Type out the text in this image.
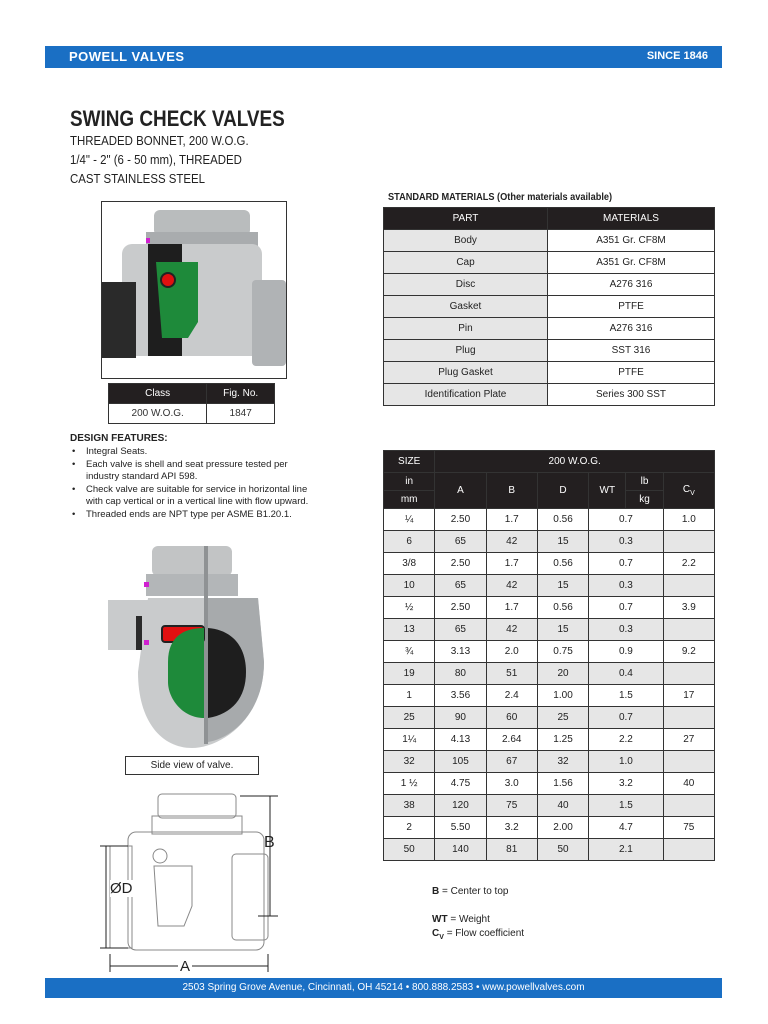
POWELL VALVES	SINCE 1846
SWING CHECK VALVES
THREADED BONNET, 200 W.O.G.
1/4" - 2" (6 - 50 mm), THREADED
CAST STAINLESS STEEL
Class	Fig. No.
200 W.O.G.	1847
STANDARD MATERIALS (Other materials available)
PART	MATERIALS
Body	A351 Gr. CF8M
Cap	A351 Gr. CF8M
Disc	A276 316
Gasket	PTFE
Pin	A276 316
Plug	SST 316
Plug Gasket	PTFE
Identification Plate	Series 300 SST
DESIGN FEATURES:
• Integral Seats.
• Each valve is shell and seat pressure tested per industry standard API 598.
• Check valve are suitable for service in horizontal line with cap vertical or in a vertical line with flow upward.
• Threaded ends are NPT type per ASME B1.20.1.
Side view of valve.
B
ØD
A
SIZE	200 W.O.G.					
in	A	B	D	WT	lb	$C_V$
mm					kg	
¼	2.50	1.7	0.56	0.7		1.0
6	65	42	15	0.3		
3/8	2.50	1.7	0.56	0.7		2.2
10	65	42	15	0.3		
½	2.50	1.7	0.56	0.7		3.9
13	65	42	15	0.3		
¾	3.13	2.0	0.75	0.9		9.2
19	80	51	20	0.4		
1	3.56	2.4	1.00	1.5		17
25	90	60	25	0.7		
1¼	4.13	2.64	1.25	2.2		27
32	105	67	32	1.0		
1 ½	4.75	3.0	1.56	3.2		40
38	120	75	40	1.5		
2	5.50	3.2	2.00	4.7		75
50	140	81	50	2.1		
B = Center to top
WT = Weight
$C_V$ = Flow coefficient
2503 Spring Grove Avenue, Cincinnati, OH 45214 • 800.888.2583 • www.powellvalves.com
